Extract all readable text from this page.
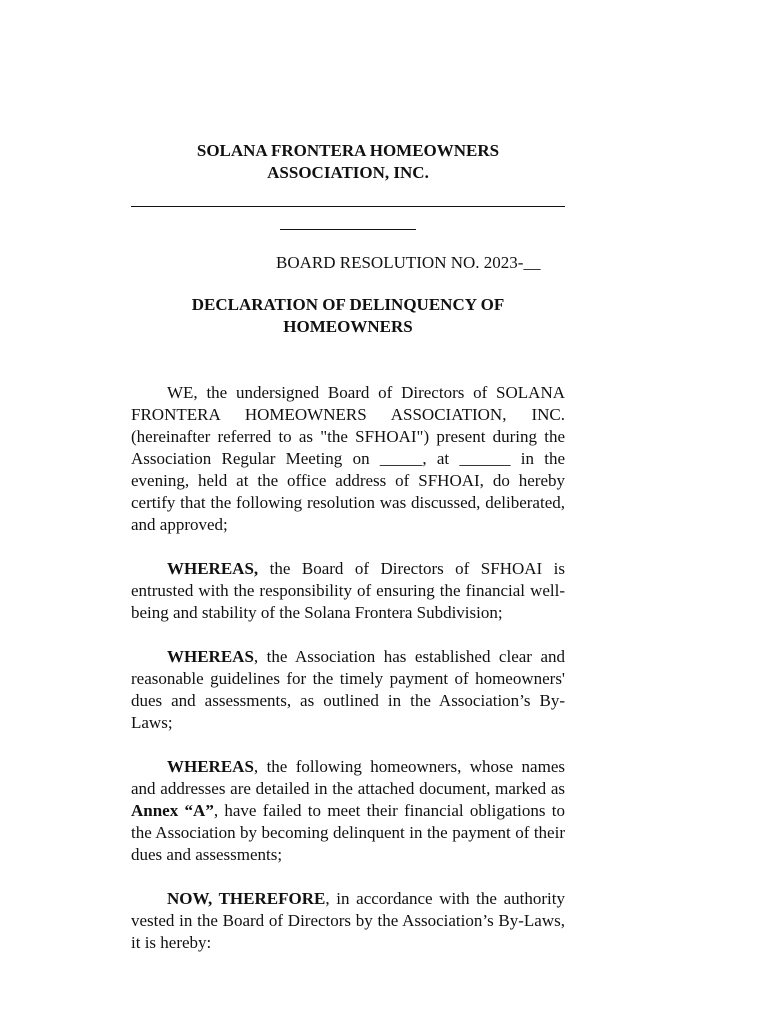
SOLANA FRONTERA HOMEOWNERS
ASSOCIATION, INC.
BOARD RESOLUTION NO. 2023-__
DECLARATION OF DELINQUENCY OF
HOMEOWNERS

WE, the undersigned Board of Directors of SOLANA FRONTERA HOMEOWNERS ASSOCIATION, INC. (hereinafter referred to as "the SFHOAI") present during the Association Regular Meeting on _____, at ______ in the evening, held at the office address of SFHOAI, do hereby certify that the following resolution was discussed, deliberated, and approved;

WHEREAS, the Board of Directors of SFHOAI is entrusted with the responsibility of ensuring the financial well-being and stability of the Solana Frontera Subdivision;

WHEREAS, the Association has established clear and reasonable guidelines for the timely payment of homeowners' dues and assessments, as outlined in the Association’s By-Laws;

WHEREAS, the following homeowners, whose names and addresses are detailed in the attached document, marked as Annex “A”, have failed to meet their financial obligations to the Association by becoming delinquent in the payment of their dues and assessments;

NOW, THEREFORE, in accordance with the authority vested in the Board of Directors by the Association’s By-Laws, it is hereby:
